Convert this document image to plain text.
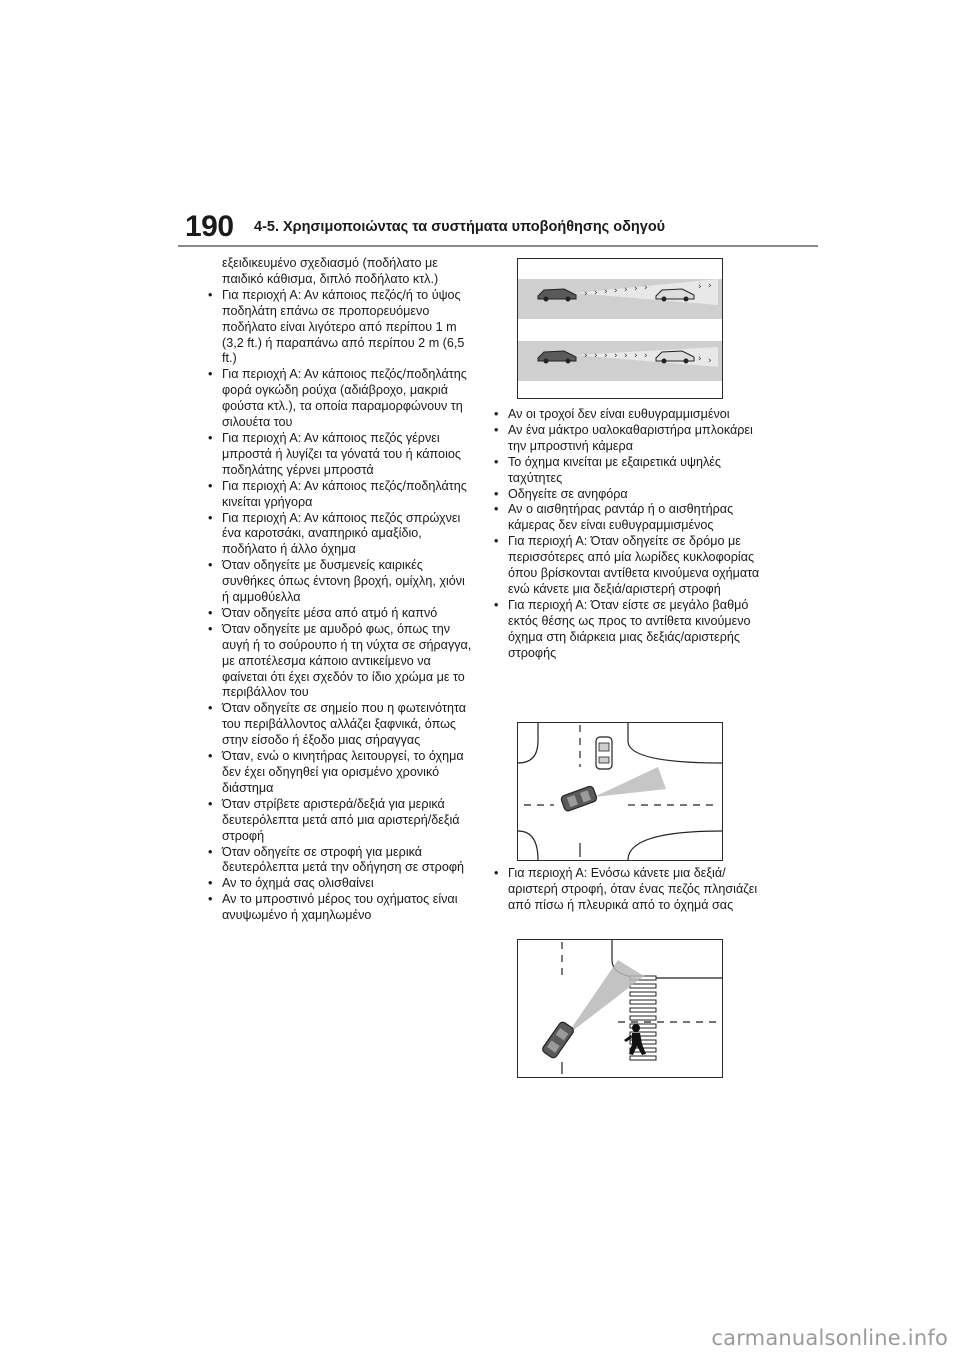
190 4-5. Χρησιμοποιώντας τα συστήματα υποβοήθησης οδηγού
εξειδικευμένο σχεδιασμό (ποδήλατο με παιδικό κάθισμα, διπλό ποδήλατο κτλ.)
• Για περιοχή Α: Αν κάποιος πεζός/ή το ύψος ποδηλάτη επάνω σε προπορευόμενο ποδήλατο είναι λιγότερο από περίπου 1 m (3,2 ft.) ή παραπάνω από περίπου 2 m (6,5 ft.)
• Για περιοχή Α: Αν κάποιος πεζός/ποδηλάτης φορά ογκώδη ρούχα (αδιάβροχο, μακριά φούστα κτλ.), τα οποία παραμορφώνουν τη σιλουέτα του
• Για περιοχή Α: Αν κάποιος πεζός γέρνει μπροστά ή λυγίζει τα γόνατά του ή κάποιος ποδηλάτης γέρνει μπροστά
• Για περιοχή Α: Αν κάποιος πεζός/ποδηλάτης κινείται γρήγορα
• Για περιοχή Α: Αν κάποιος πεζός σπρώχνει ένα καροτσάκι, αναπηρικό αμαξίδιο, ποδήλατο ή άλλο όχημα
• Όταν οδηγείτε με δυσμενείς καιρικές συνθήκες όπως έντονη βροχή, ομίχλη, χιόνι ή αμμοθύελλα
• Όταν οδηγείτε μέσα από ατμό ή καπνό
• Όταν οδηγείτε με αμυδρό φως, όπως την αυγή ή το σούρουπο ή τη νύχτα σε σήραγγα, με αποτέλεσμα κάποιο αντικείμενο να φαίνεται ότι έχει σχεδόν το ίδιο χρώμα με το περιβάλλον του
• Όταν οδηγείτε σε σημείο που η φωτεινότητα του περιβάλλοντος αλλάζει ξαφνικά, όπως στην είσοδο ή έξοδο μιας σήραγγας
• Όταν, ενώ ο κινητήρας λειτουργεί, το όχημα δεν έχει οδηγηθεί για ορισμένο χρονικό διάστημα
• Όταν στρίβετε αριστερά/δεξιά για μερικά δευτερόλεπτα μετά από μια αριστερή/δεξιά στροφή
• Όταν οδηγείτε σε στροφή για μερικά δευτερόλεπτα μετά την οδήγηση σε στροφή
• Αν το όχημά σας ολισθαίνει
• Αν το μπροστινό μέρος του οχήματος είναι ανυψωμένο ή χαμηλωμένο
› › › › › › ›	› ›
› › › › › › ›	› ›
• Αν οι τροχοί δεν είναι ευθυγραμμισμένοι
• Αν ένα μάκτρο υαλοκαθαριστήρα μπλοκάρει την μπροστινή κάμερα
• Το όχημα κινείται με εξαιρετικά υψηλές ταχύτητες
• Οδηγείτε σε ανηφόρα
• Αν ο αισθητήρας ραντάρ ή ο αισθητήρας κάμερας δεν είναι ευθυγραμμισμένος
• Για περιοχή Α: Όταν οδηγείτε σε δρόμο με περισσότερες από μία λωρίδες κυκλοφορίας όπου βρίσκονται αντίθετα κινούμενα οχήματα ενώ κάνετε μια δεξιά/αριστερή στροφή
• Για περιοχή Α: Όταν είστε σε μεγάλο βαθμό εκτός θέσης ως προς το αντίθετα κινούμενο όχημα στη διάρκεια μιας δεξιάς/αριστερής στροφής
• Για περιοχή Α: Ενόσω κάνετε μια δεξιά/αριστερή στροφή, όταν ένας πεζός πλησιάζει από πίσω ή πλευρικά από το όχημά σας
carmanualsonline.info
